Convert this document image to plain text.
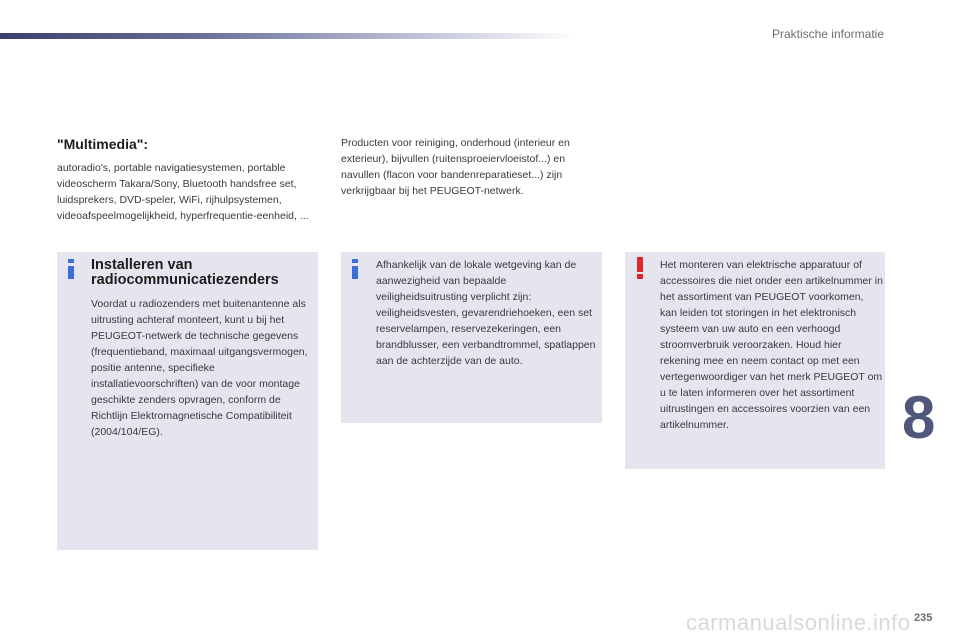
Praktische informatie
"Multimedia":
autoradio's, portable navigatiesystemen, portable videoscherm Takara/Sony, Bluetooth handsfree set, luidsprekers, DVD-speler, WiFi, rijhulpsystemen, videoafspeelmogelijkheid, hyperfrequentie-eenheid, ...
Producten voor reiniging, onderhoud (interieur en exterieur), bijvullen (ruitensproeiervloeistof...) en navullen (flacon voor bandenreparatieset...) zijn verkrijgbaar bij het PEUGEOT-netwerk.
Installeren van radiocommunicatiezenders
Voordat u radiozenders met buitenantenne als uitrusting achteraf monteert, kunt u bij het PEUGEOT-netwerk de technische gegevens (frequentieband, maximaal uitgangsvermogen, positie antenne, specifieke installatievoorschriften) van de voor montage geschikte zenders opvragen, conform de Richtlijn Elektromagnetische Compatibiliteit (2004/104/EG).
Afhankelijk van de lokale wetgeving kan de aanwezigheid van bepaalde veiligheidsuitrusting verplicht zijn: veiligheidsvesten, gevarendriehoeken, een set reservelampen, reservezekeringen, een brandblusser, een verbandtrommel, spatlappen aan de achterzijde van de auto.
Het monteren van elektrische apparatuur of accessoires die niet onder een artikelnummer in het assortiment van PEUGEOT voorkomen, kan leiden tot storingen in het elektronisch systeem van uw auto en een verhoogd stroomverbruik veroorzaken. Houd hier rekening mee en neem contact op met een vertegenwoordiger van het merk PEUGEOT om u te laten informeren over het assortiment uitrustingen en accessoires voorzien van een artikelnummer.	8
carmanualsonline.info 235
